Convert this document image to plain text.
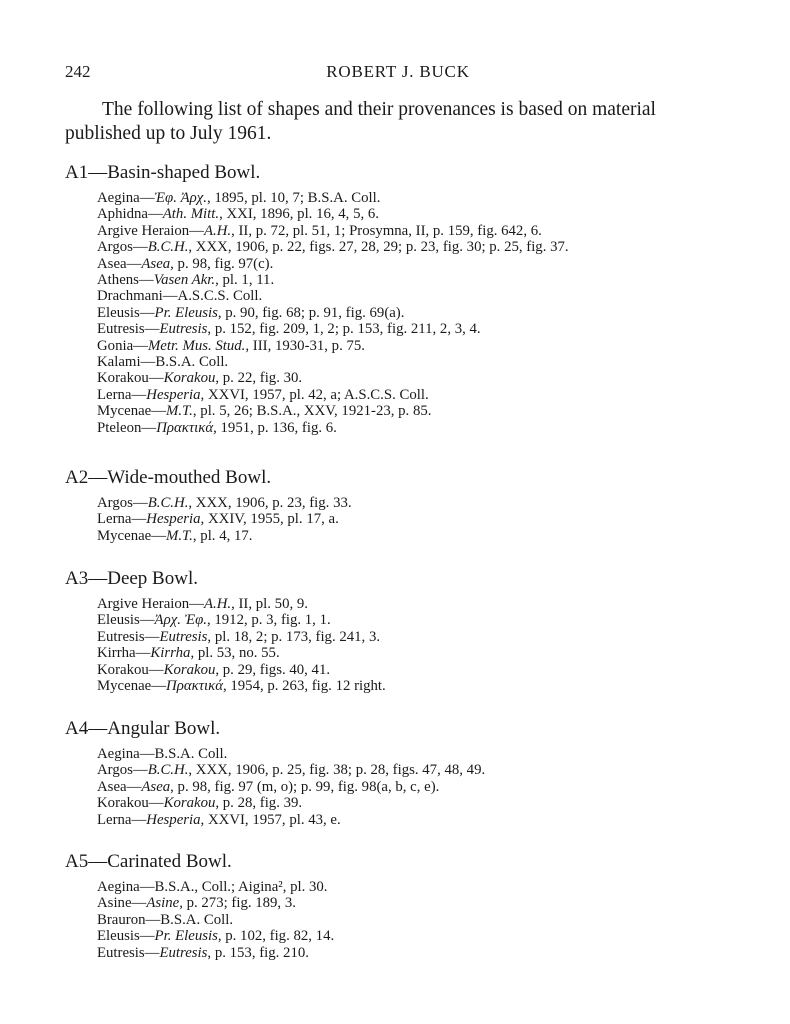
242	ROBERT J. BUCK

The following list of shapes and their provenances is based on material published up to July 1961.

A1—Basin-shaped Bowl.
Aegina—Ἐφ. Ἀρχ., 1895, pl. 10, 7; B.S.A. Coll.
Aphidna—Ath. Mitt., XXI, 1896, pl. 16, 4, 5, 6.
Argive Heraion—A.H., II, p. 72, pl. 51, 1; Prosymna, II, p. 159, fig. 642, 6.
Argos—B.C.H., XXX, 1906, p. 22, figs. 27, 28, 29; p. 23, fig. 30; p. 25, fig. 37.
Asea—Asea, p. 98, fig. 97(c).
Athens—Vasen Akr., pl. 1, 11.
Drachmani—A.S.C.S. Coll.
Eleusis—Pr. Eleusis, p. 90, fig. 68; p. 91, fig. 69(a).
Eutresis—Eutresis, p. 152, fig. 209, 1, 2; p. 153, fig. 211, 2, 3, 4.
Gonia—Metr. Mus. Stud., III, 1930-31, p. 75.
Kalami—B.S.A. Coll.
Korakou—Korakou, p. 22, fig. 30.
Lerna—Hesperia, XXVI, 1957, pl. 42, a; A.S.C.S. Coll.
Mycenae—M.T., pl. 5, 26; B.S.A., XXV, 1921-23, p. 85.
Pteleon—Πρακτικά, 1951, p. 136, fig. 6.
A2—Wide-mouthed Bowl.
Argos—B.C.H., XXX, 1906, p. 23, fig. 33.
Lerna—Hesperia, XXIV, 1955, pl. 17, a.
Mycenae—M.T., pl. 4, 17.
A3—Deep Bowl.
Argive Heraion—A.H., II, pl. 50, 9.
Eleusis—Ἀρχ. Ἐφ., 1912, p. 3, fig. 1, 1.
Eutresis—Eutresis, pl. 18, 2; p. 173, fig. 241, 3.
Kirrha—Kirrha, pl. 53, no. 55.
Korakou—Korakou, p. 29, figs. 40, 41.
Mycenae—Πρακτικά, 1954, p. 263, fig. 12 right.
A4—Angular Bowl.
Aegina—B.S.A. Coll.
Argos—B.C.H., XXX, 1906, p. 25, fig. 38; p. 28, figs. 47, 48, 49.
Asea—Asea, p. 98, fig. 97 (m, o); p. 99, fig. 98(a, b, c, e).
Korakou—Korakou, p. 28, fig. 39.
Lerna—Hesperia, XXVI, 1957, pl. 43, e.
A5—Carinated Bowl.
Aegina—B.S.A., Coll.; Aigina², pl. 30.
Asine—Asine, p. 273; fig. 189, 3.
Brauron—B.S.A. Coll.
Eleusis—Pr. Eleusis, p. 102, fig. 82, 14.
Eutresis—Eutresis, p. 153, fig. 210.
